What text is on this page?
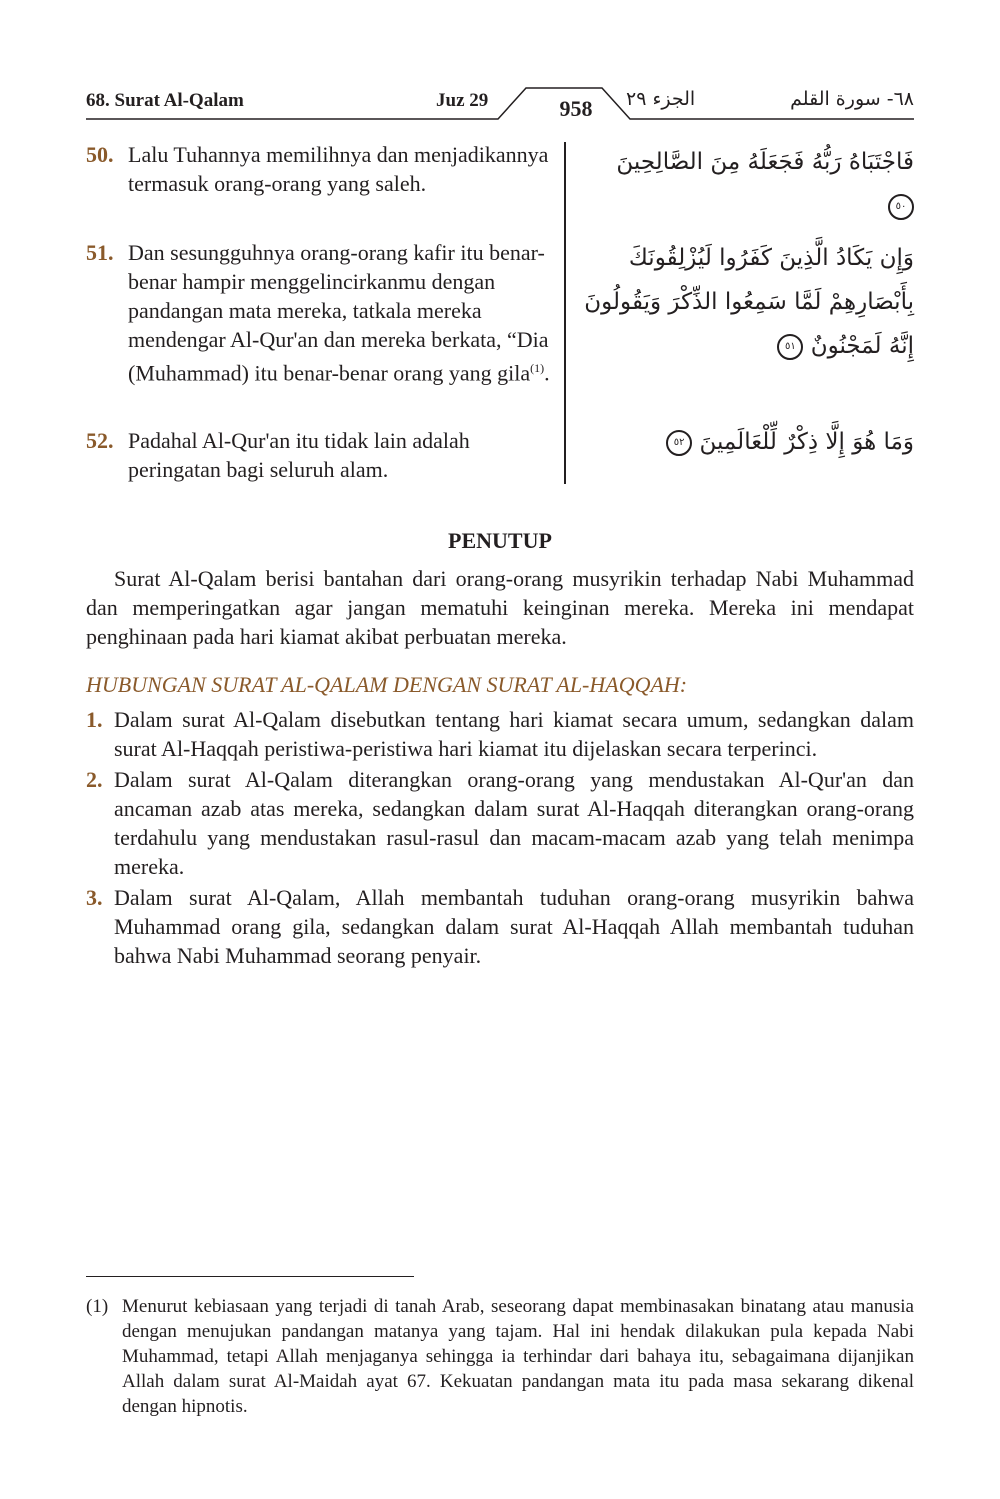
68. Surat Al-Qalam	Juz 29	958	الجزء ٢٩	٦٨- سورة القلم
50. Lalu Tuhannya memilihnya dan menjadikannya termasuk orang-orang yang saleh.
فَاجْتَبَاهُ رَبُّهُ فَجَعَلَهُ مِنَ الصَّالِحِينَ ٥٠
51. Dan sesungguhnya orang-orang kafir itu benar-benar hampir menggelincirkanmu dengan pandangan mata mereka, tatkala mereka mendengar Al-Qur'an dan mereka berkata, “Dia (Muhammad) itu benar-benar orang yang gila$^{(1)}$.
وَإِن يَكَادُ الَّذِينَ كَفَرُوا لَيُزْلِقُونَكَ بِأَبْصَارِهِمْ لَمَّا سَمِعُوا الذِّكْرَ وَيَقُولُونَ إِنَّهُ لَمَجْنُونٌ ٥١
52. Padahal Al-Qur'an itu tidak lain adalah peringatan bagi seluruh alam.
وَمَا هُوَ إِلَّا ذِكْرٌ لِّلْعَالَمِينَ ٥٢
PENUTUP

Surat Al-Qalam berisi bantahan dari orang-orang musyrikin terhadap Nabi Muhammad dan memperingatkan agar jangan mematuhi keinginan mereka. Mereka ini mendapat penghinaan pada hari kiamat akibat perbuatan mereka.

HUBUNGAN SURAT AL-QALAM DENGAN SURAT AL-HAQQAH:
1. Dalam surat Al-Qalam disebutkan tentang hari kiamat secara umum, sedangkan dalam surat Al-Haqqah peristiwa-peristiwa hari kiamat itu dijelaskan secara terperinci.
2. Dalam surat Al-Qalam diterangkan orang-orang yang mendustakan Al-Qur'an dan ancaman azab atas mereka, sedangkan dalam surat Al-Haqqah diterangkan orang-orang terdahulu yang mendustakan rasul-rasul dan macam-macam azab yang telah menimpa mereka.
3. Dalam surat Al-Qalam, Allah membantah tuduhan orang-orang musyrikin bahwa Muhammad orang gila, sedangkan dalam surat Al-Haqqah Allah membantah tuduhan bahwa Nabi Muhammad seorang penyair.
(1) Menurut kebiasaan yang terjadi di tanah Arab, seseorang dapat membinasakan binatang atau manusia dengan menujukan pandangan matanya yang tajam. Hal ini hendak dilakukan pula kepada Nabi Muhammad, tetapi Allah menjaganya sehingga ia terhindar dari bahaya itu, sebagaimana dijanjikan Allah dalam surat Al-Maidah ayat 67. Kekuatan pandangan mata itu pada masa sekarang dikenal dengan hipnotis.
